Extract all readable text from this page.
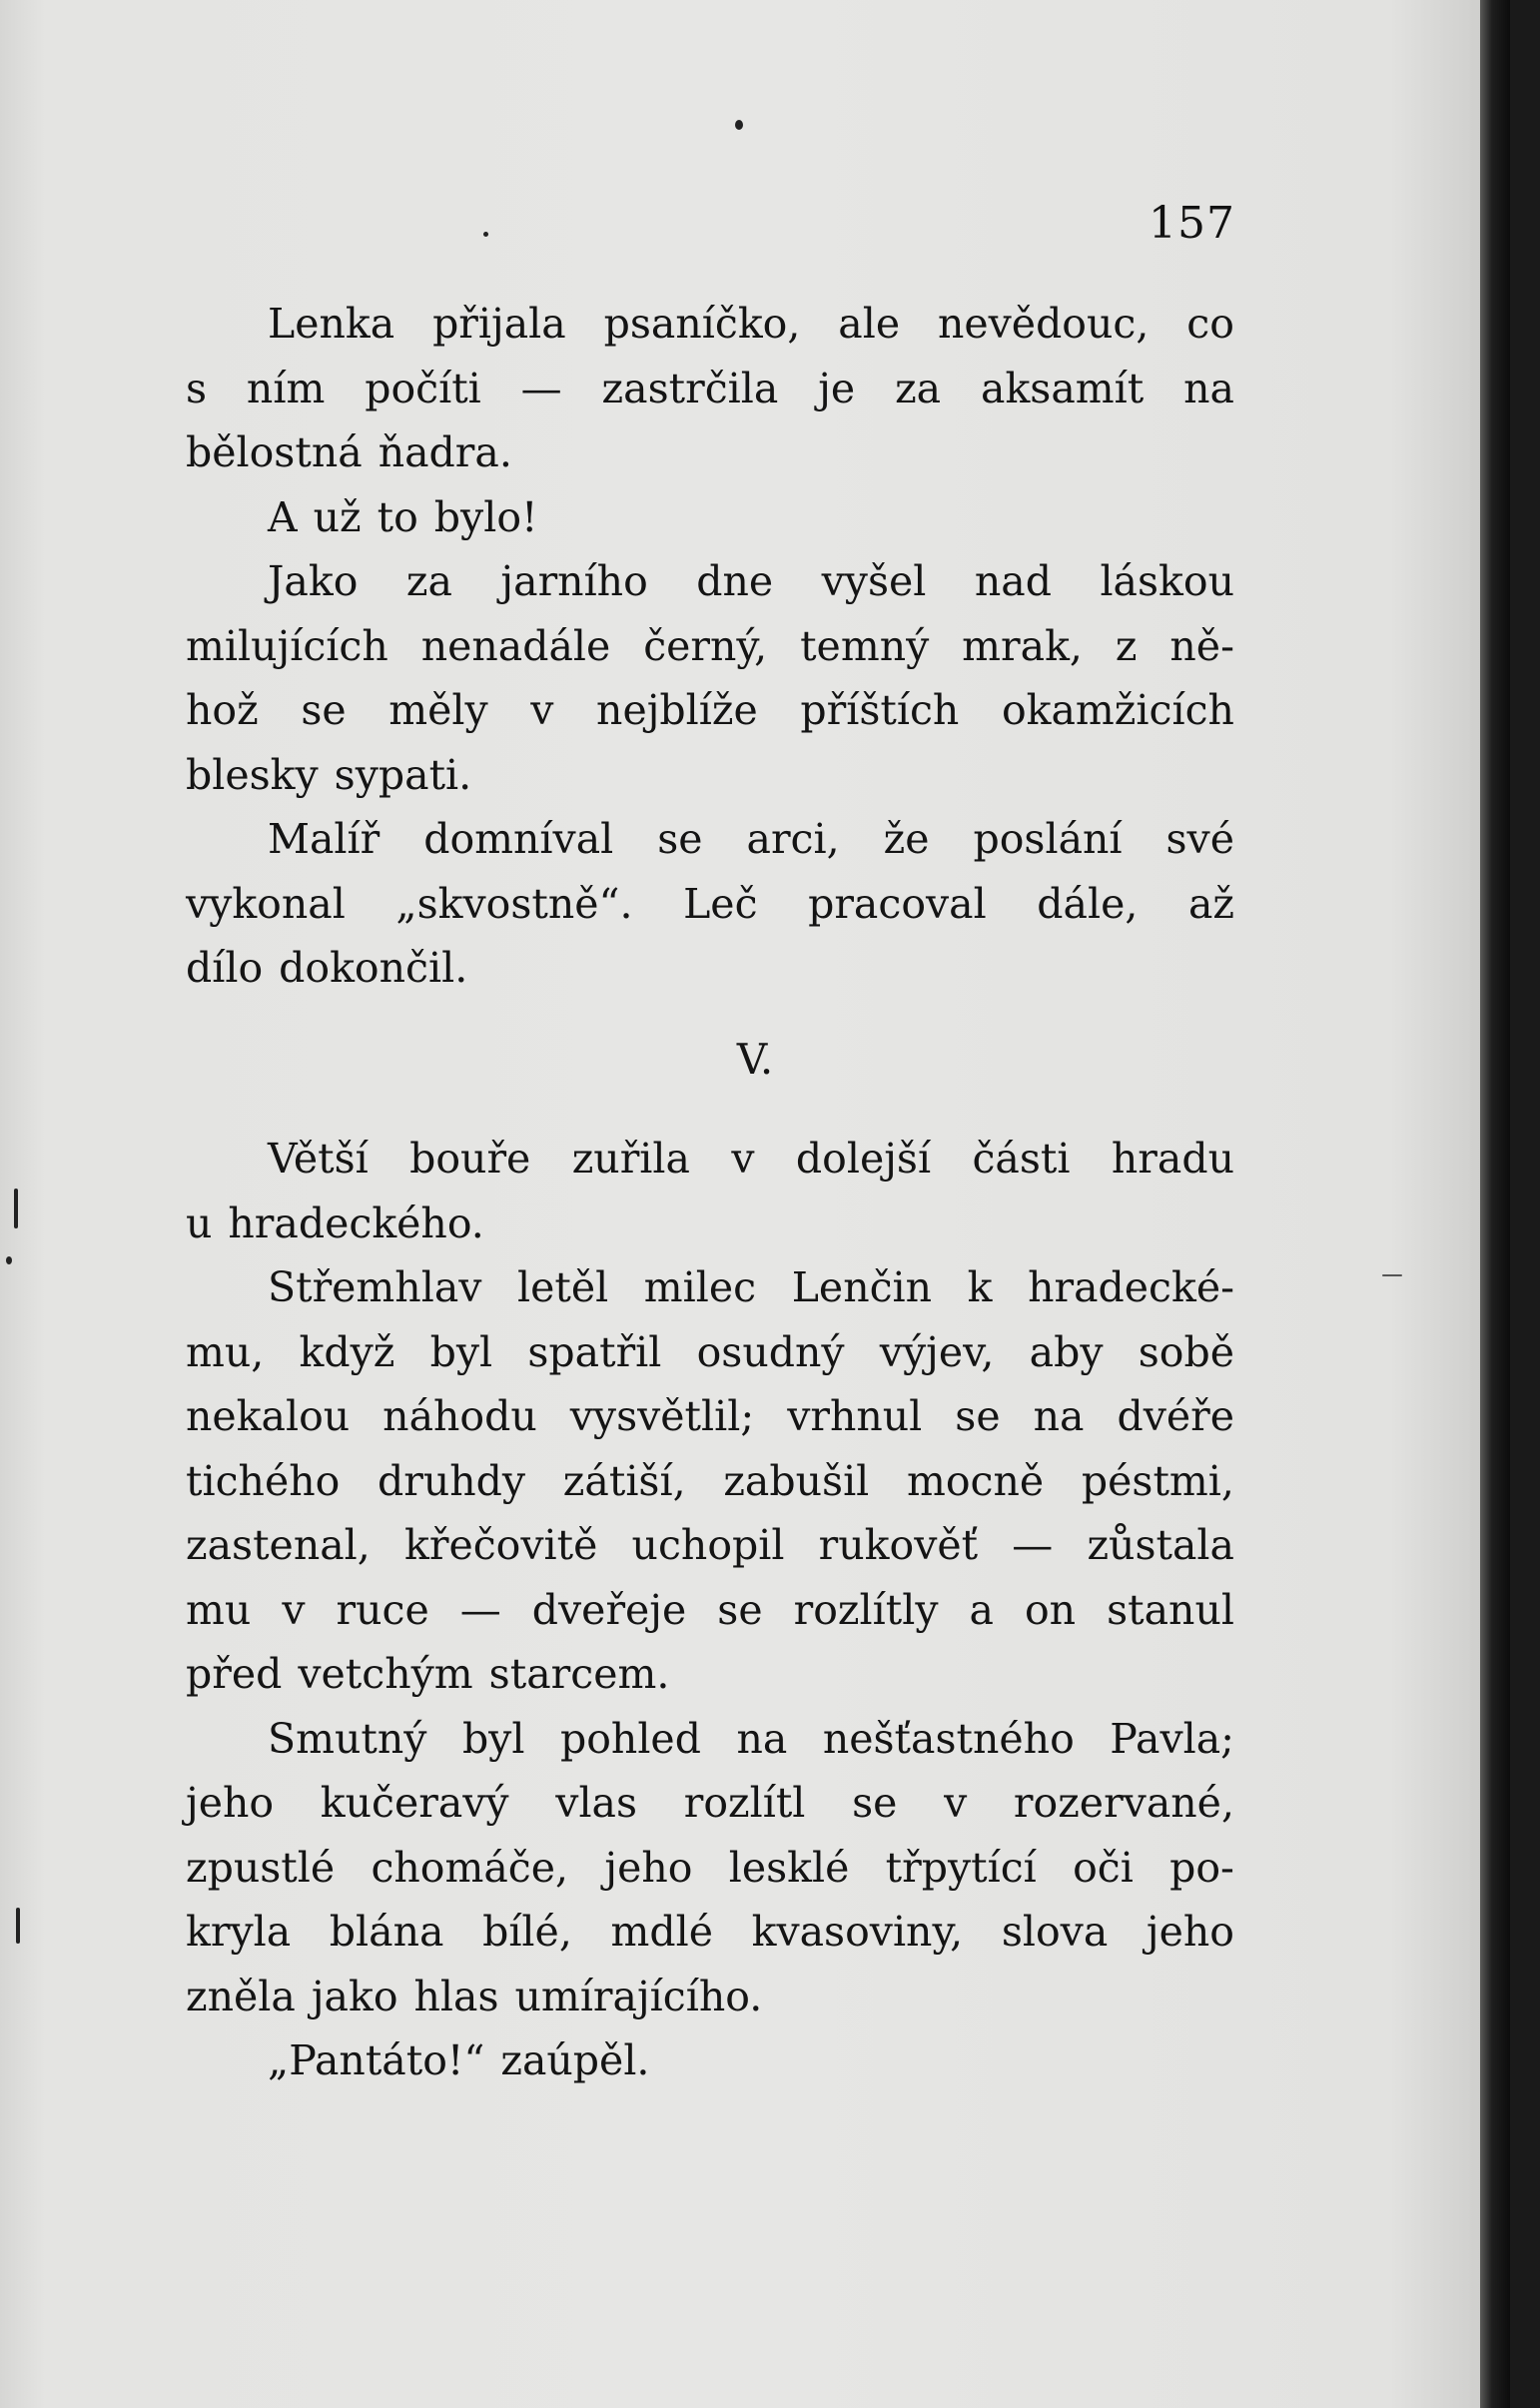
157
Lenka přijala psaníčko, ale nevědouc, co
s ním počíti — zastrčila je za aksamít na
bělostná ňadra.
A už to bylo!
Jako za jarního dne vyšel nad láskou
milujících nenadále černý, temný mrak, z ně-
hož se měly v nejblíže příštích okamžicích
blesky sypati.
Malíř domníval se arci, že poslání své
vykonal „skvostně“. Leč pracoval dále, až
dílo dokončil.
V.
Větší bouře zuřila v dolejší části hradu
u hradeckého.
Střemhlav letěl milec Lenčin k hradecké-
mu, když byl spatřil osudný výjev, aby sobě
nekalou náhodu vysvětlil; vrhnul se na dvéře
tichého druhdy zátiší, zabušil mocně péstmi,
zastenal, křečovitě uchopil rukověť — zůstala
mu v ruce — dveřeje se rozlítly a on stanul
před vetchým starcem.
Smutný byl pohled na nešťastného Pavla;
jeho kučeravý vlas rozlítl se v rozervané,
zpustlé chomáče, jeho lesklé třpytící oči po-
kryla blána bílé, mdlé kvasoviny, slova jeho
zněla jako hlas umírajícího.
„Pantáto!“ zaúpěl.
